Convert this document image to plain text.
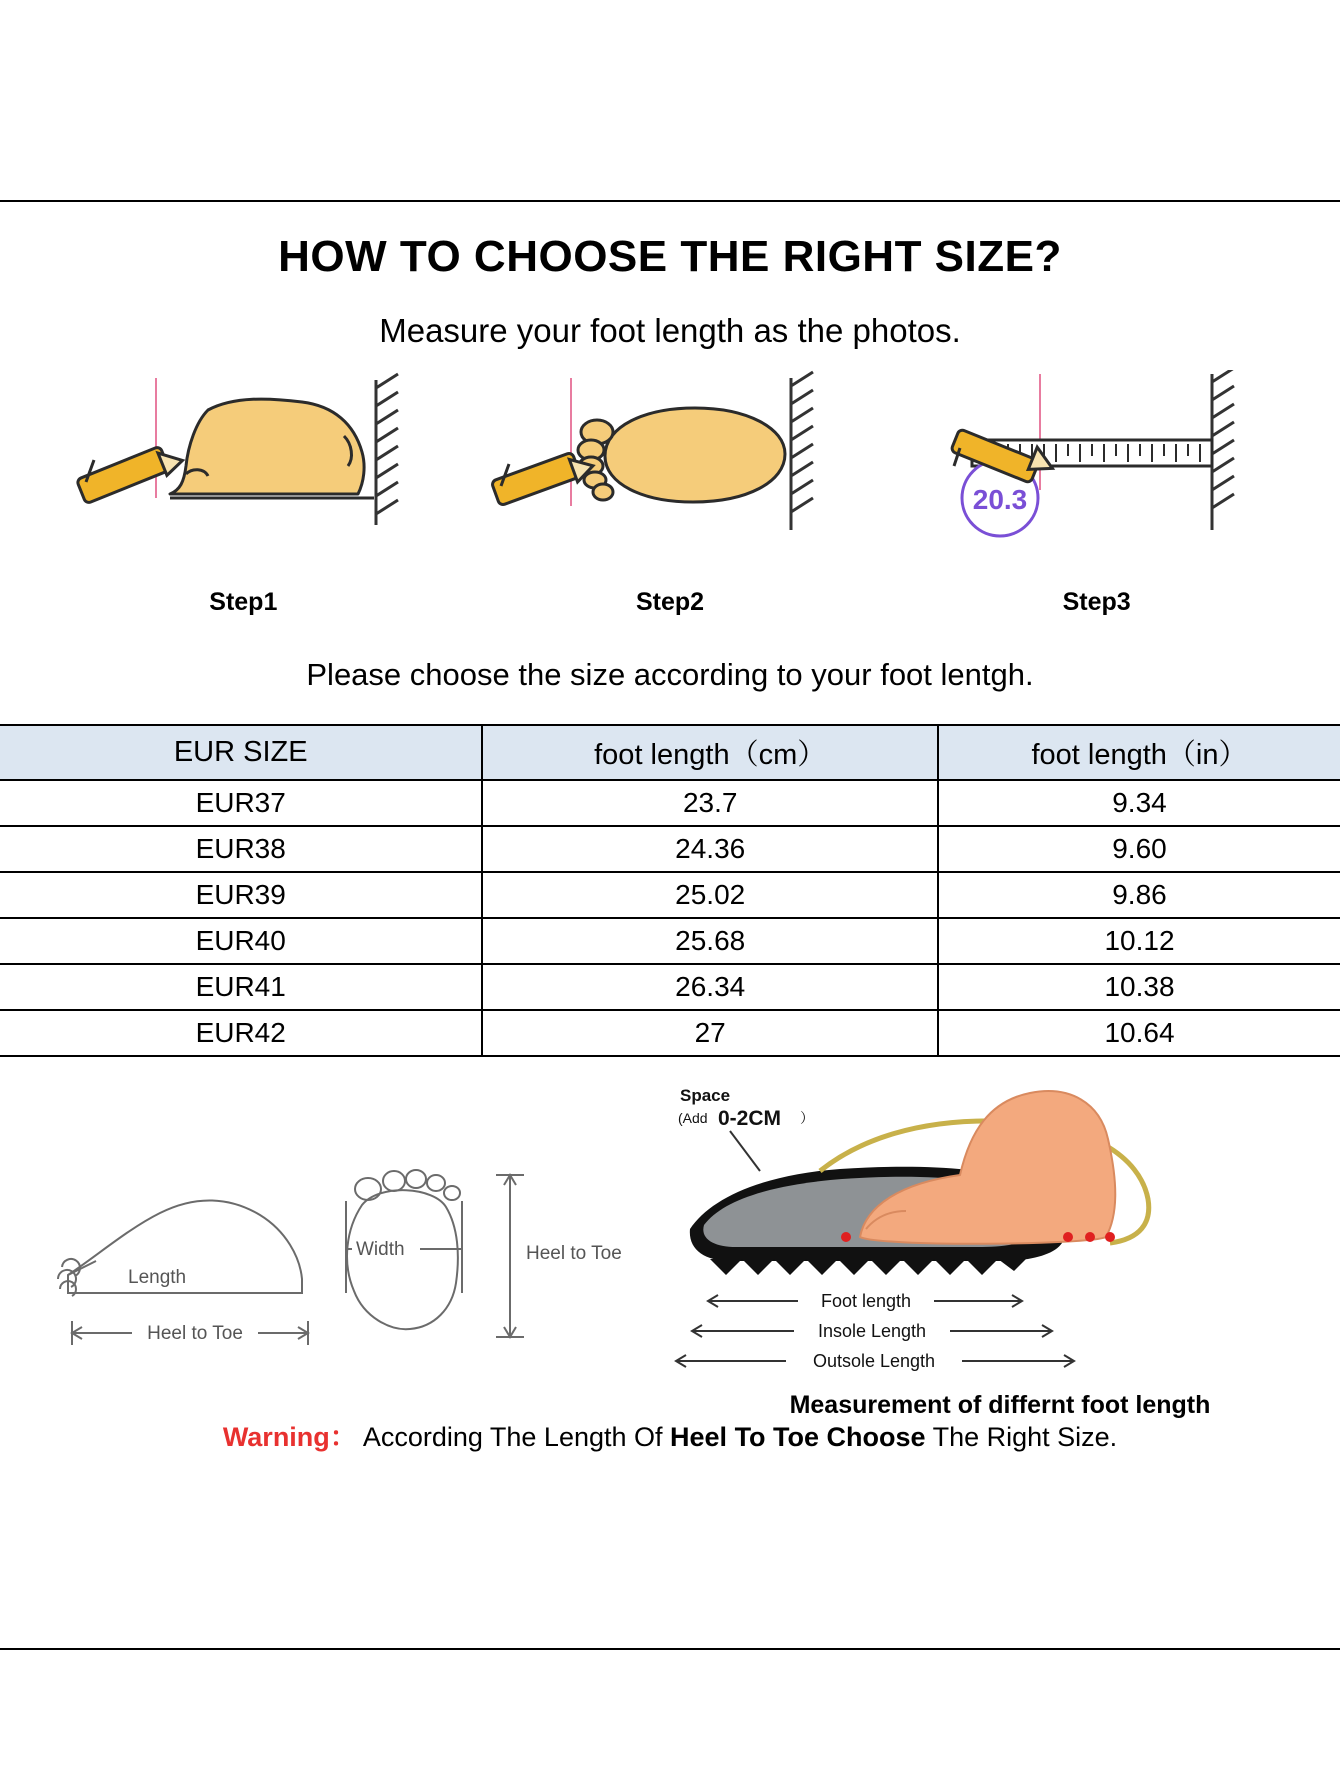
HOW TO CHOOSE THE RIGHT SIZE?

Measure your foot length as the photos.

Step1	Step2
20.3
Step3

Please choose the size according to your foot lentgh.

EUR SIZE	foot length（cm）	foot length（in）
EUR37	23.7	9.34
EUR38	24.36	9.60
EUR39	25.02	9.86
EUR40	25.68	10.12
EUR41	26.34	10.38
EUR42	27	10.64
Length
Heel to Toe
Width	Heel to Toe
Space
(Add 0-2CM ）
Foot length
Insole Length
Outsole Length
Measurement of differnt foot length

Warning： According The Length Of Heel To Toe Choose The Right Size.
